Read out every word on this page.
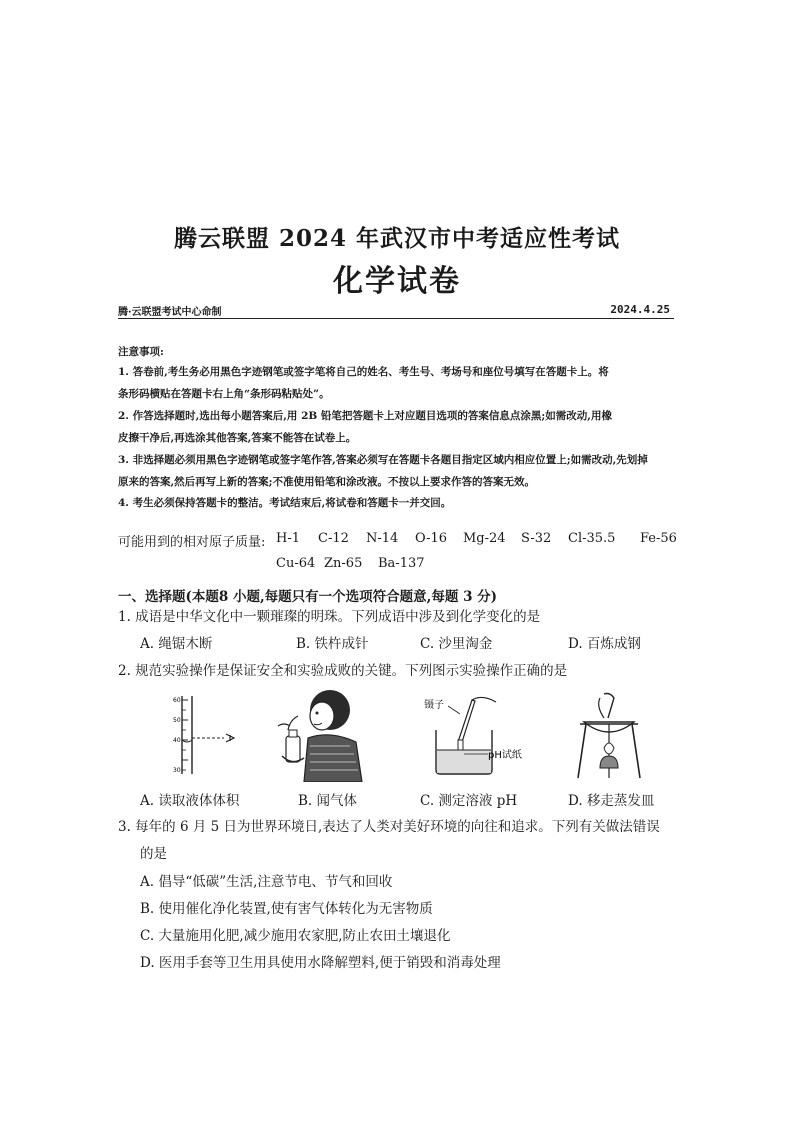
腾云联盟 2024 年武汉市中考适应性考试
化学试卷
腾·云联盟考试中心命制	2024.4.25
注意事项:
1. 答卷前,考生务必用黑色字迹钢笔或签字笔将自己的姓名、考生号、考场号和座位号填写在答题卡上。将
条形码横贴在答题卡右上角“条形码粘贴处”。
2. 作答选择题时,选出每小题答案后,用 2B 铅笔把答题卡上对应题目选项的答案信息点涂黑;如需改动,用橡
皮擦干净后,再选涂其他答案,答案不能答在试卷上。
3. 非选择题必须用黑色字迹钢笔或签字笔作答,答案必须写在答题卡各题目指定区域内相应位置上;如需改动,先划掉
原来的答案,然后再写上新的答案;不准使用铅笔和涂改液。不按以上要求作答的答案无效。
4. 考生必须保持答题卡的整洁。考试结束后,将试卷和答题卡一并交回。
可能用到的相对原子质量: H-1 C-12 N-14 O-16 Mg-24 S-32 Cl-35.5 Fe-56
Cu-64 Zn-65 Ba-137
一、选择题(本题8 小题,每题只有一个选项符合题意,每题 3 分)
1. 成语是中华文化中一颗璀璨的明珠。下列成语中涉及到化学变化的是
A. 绳锯木断	B. 铁杵成针	C. 沙里淘金	D. 百炼成钢
2. 规范实验操作是保证安全和实验成败的关键。下列图示实验操作正确的是
60
50
40
30
镊子
pH试纸
A. 读取液体体积	B. 闻气体	C. 测定溶液 pH	D. 移走蒸发皿
3. 每年的 6 月 5 日为世界环境日,表达了人类对美好环境的向往和追求。下列有关做法错误
的是
A. 倡导“低碳”生活,注意节电、节气和回收
B. 使用催化净化装置,使有害气体转化为无害物质
C. 大量施用化肥,减少施用农家肥,防止农田土壤退化
D. 医用手套等卫生用具使用水降解塑料,便于销毁和消毒处理
